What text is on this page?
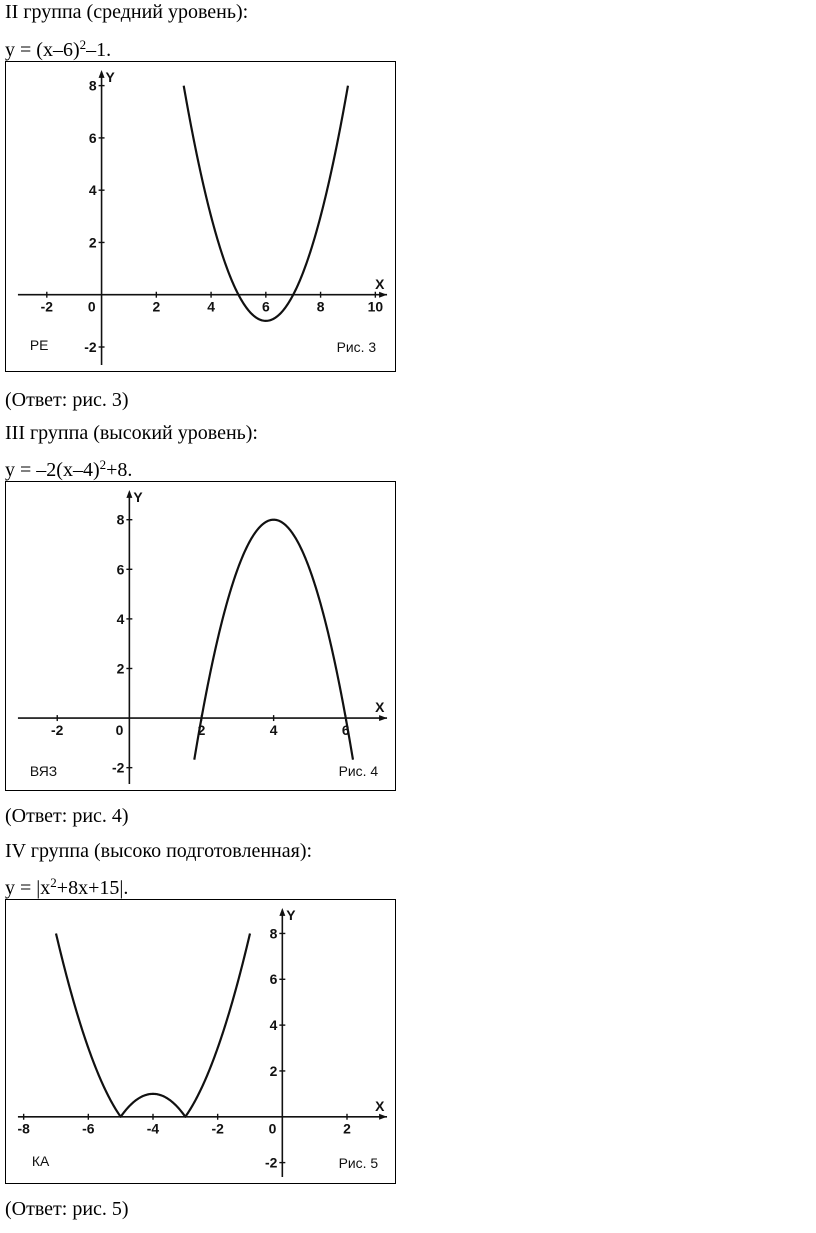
II группа (средний уровень):
$y = (x-6)^2-1$.
X
Y
-2 0	2	4	6	8	10
-2
2
4
6
8
РЕ	Рис. 3
(Ответ: рис. 3)
III группа (высокий уровень):
$y = -2(x-4)^2+8$.
X
Y
-2	0	2	4	6
-2
2
4
6
8
ВЯЗ	Рис. 4
(Ответ: рис. 4)
IV группа (высоко подготовленная):
$y = |x^2+8x+15|$.
X
Y
-8	-6	-4	-2	0	2
-2
2
4
6
8
КА	Рис. 5
(Ответ: рис. 5)
